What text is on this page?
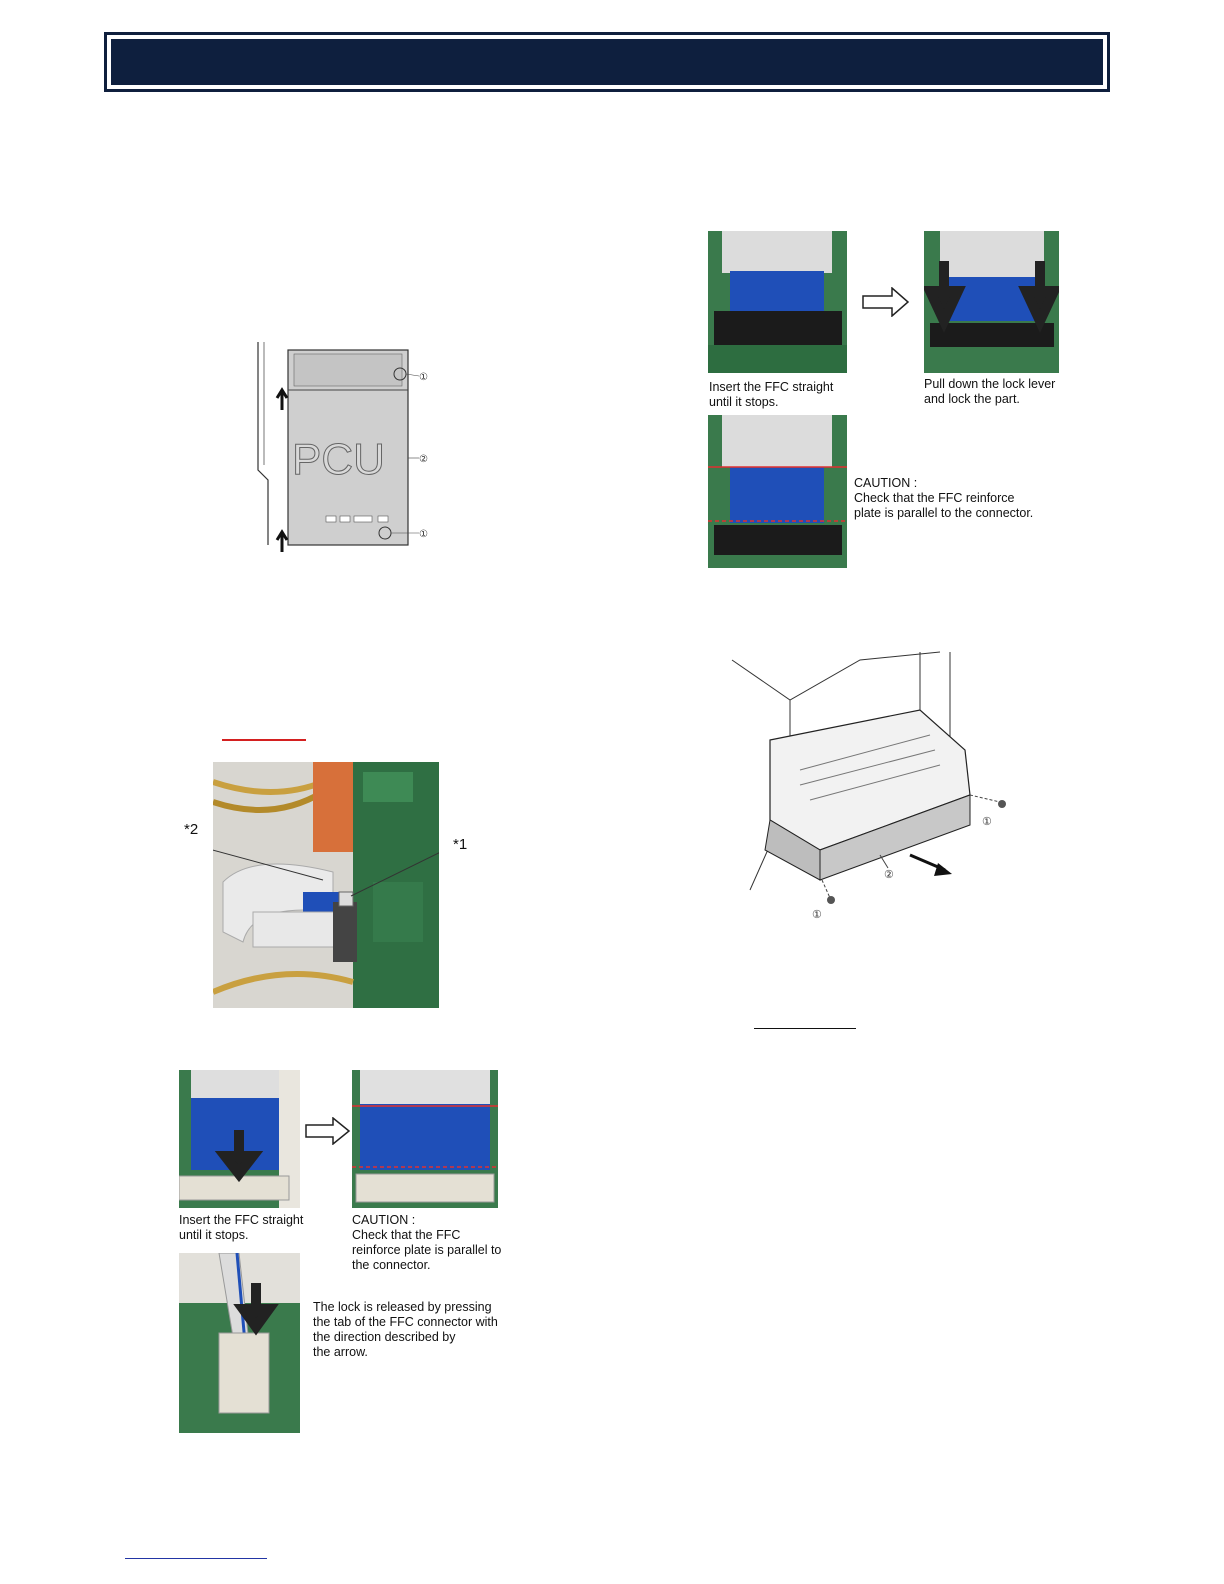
PCU
①
②
①
*2
*1
Insert the FFC straight
until it stops.
CAUTION :
Check that the FFC
reinforce plate is parallel to
the connector.
The lock is released by pressing
the tab of the FFC connector with
the direction described by
the arrow.
Insert the FFC straight
until it stops.
Pull down the lock lever
and lock the part.
CAUTION :
Check that the FFC reinforce
plate is parallel to the connector.
①
②
①
